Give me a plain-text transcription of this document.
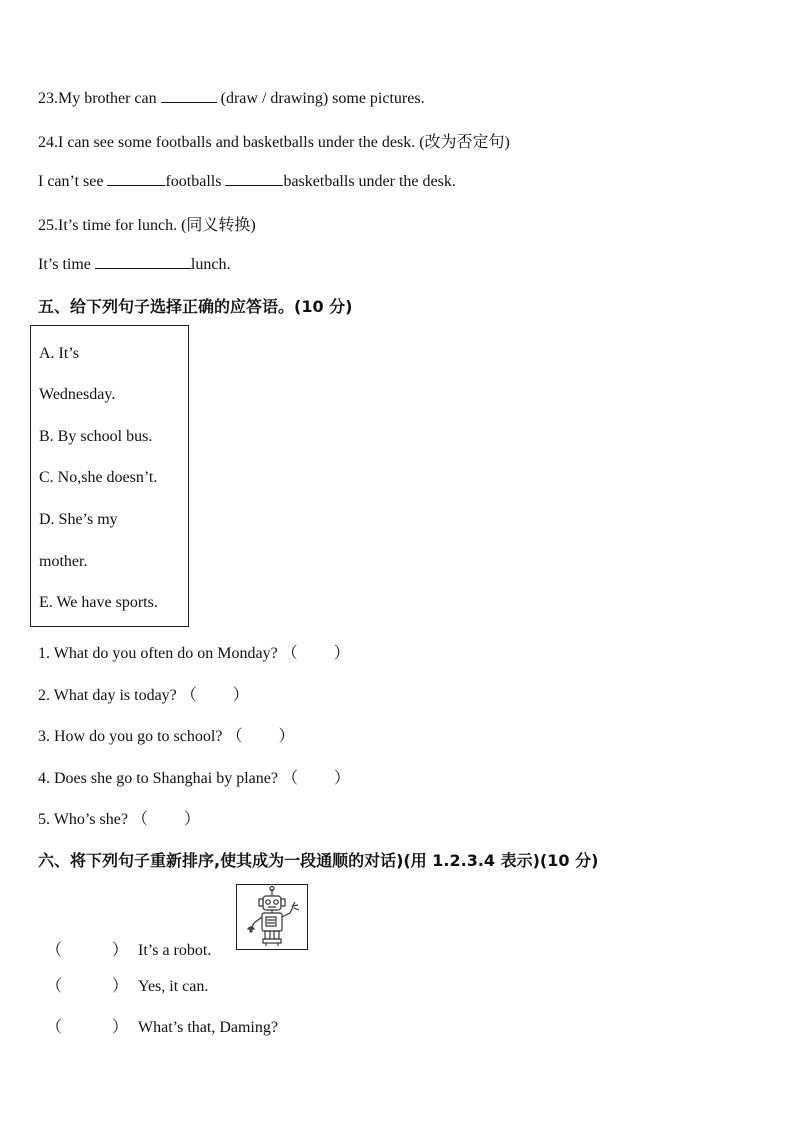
23.My brother can	(draw / drawing) some pictures.
24.I can see some footballs and basketballs under the desk. (改为否定句)
I can’t see	footballs	basketballs under the desk.
25.It’s time for lunch. (同义转换)
It’s time	lunch.
五、给下列句子选择正确的应答语。(10 分)
A. It’s
Wednesday.
B. By school bus.
C. No,she doesn’t.
D. She’s my
mother.
E. We have sports.
1. What do you often do on Monday? （ ）
2. What day is today? （ ）
3. How do you go to school? （ ）
4. Does she go to Shanghai by plane? （ ）
5. Who’s she? （ ）
六、将下列句子重新排序,使其成为一段通顺的对话)(用 1.2.3.4 表示)(10 分)
（	） It’s a robot.
（	） Yes, it can.
（	） What’s that, Daming?
